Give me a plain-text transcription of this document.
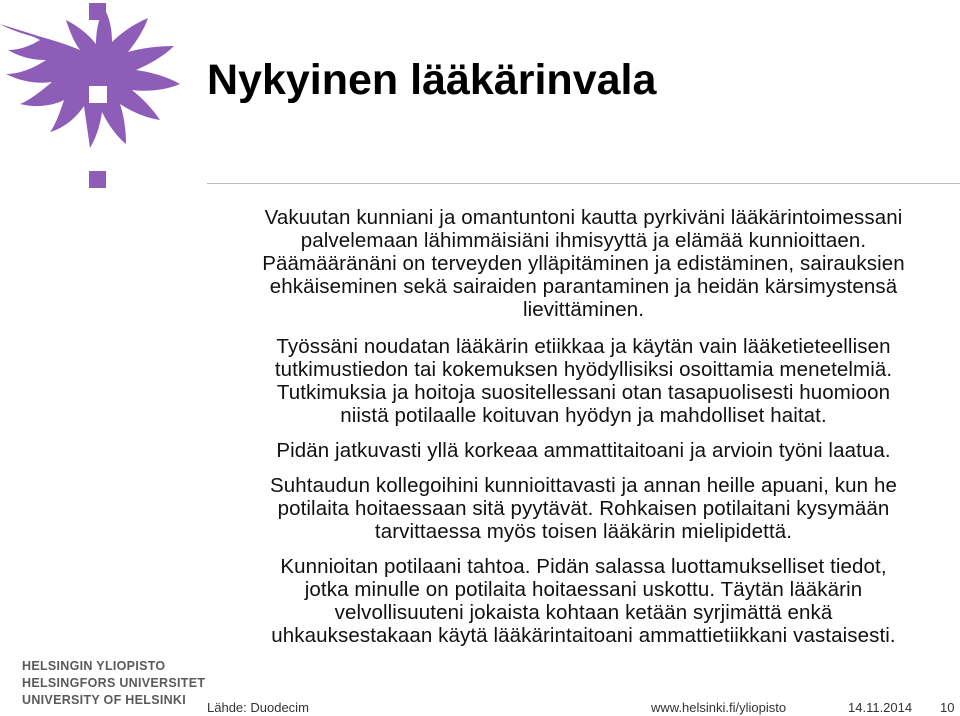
Nykyinen lääkärinvala

Vakuutan kunniani ja omantuntoni kautta pyrkiväni lääkärintoimessani
palvelemaan lähimmäisiäni ihmisyyttä ja elämää kunnioittaen.
Päämääränäni on terveyden ylläpitäminen ja edistäminen, sairauksien
ehkäiseminen sekä sairaiden parantaminen ja heidän kärsimystensä
lievittäminen.

Työssäni noudatan lääkärin etiikkaa ja käytän vain lääketieteellisen
tutkimustiedon tai kokemuksen hyödyllisiksi osoittamia menetelmiä.
Tutkimuksia ja hoitoja suositellessani otan tasapuolisesti huomioon
niistä potilaalle koituvan hyödyn ja mahdolliset haitat.

Pidän jatkuvasti yllä korkeaa ammattitaitoani ja arvioin työni laatua.

Suhtaudun kollegoihini kunnioittavasti ja annan heille apuani, kun he
potilaita hoitaessaan sitä pyytävät. Rohkaisen potilaitani kysymään
tarvittaessa myös toisen lääkärin mielipidettä.

Kunnioitan potilaani tahtoa. Pidän salassa luottamukselliset tiedot,
jotka minulle on potilaita hoitaessani uskottu. Täytän lääkärin
velvollisuuteni jokaista kohtaan ketään syrjimättä enkä
uhkauksestakaan käytä lääkärintaitoani ammattietiikkani vastaisesti.

HELSINGIN YLIOPISTO
HELSINGFORS UNIVERSITET
UNIVERSITY OF HELSINKI	Lähde: Duodecim	www.helsinki.fi/yliopisto	14.11.2014 10
